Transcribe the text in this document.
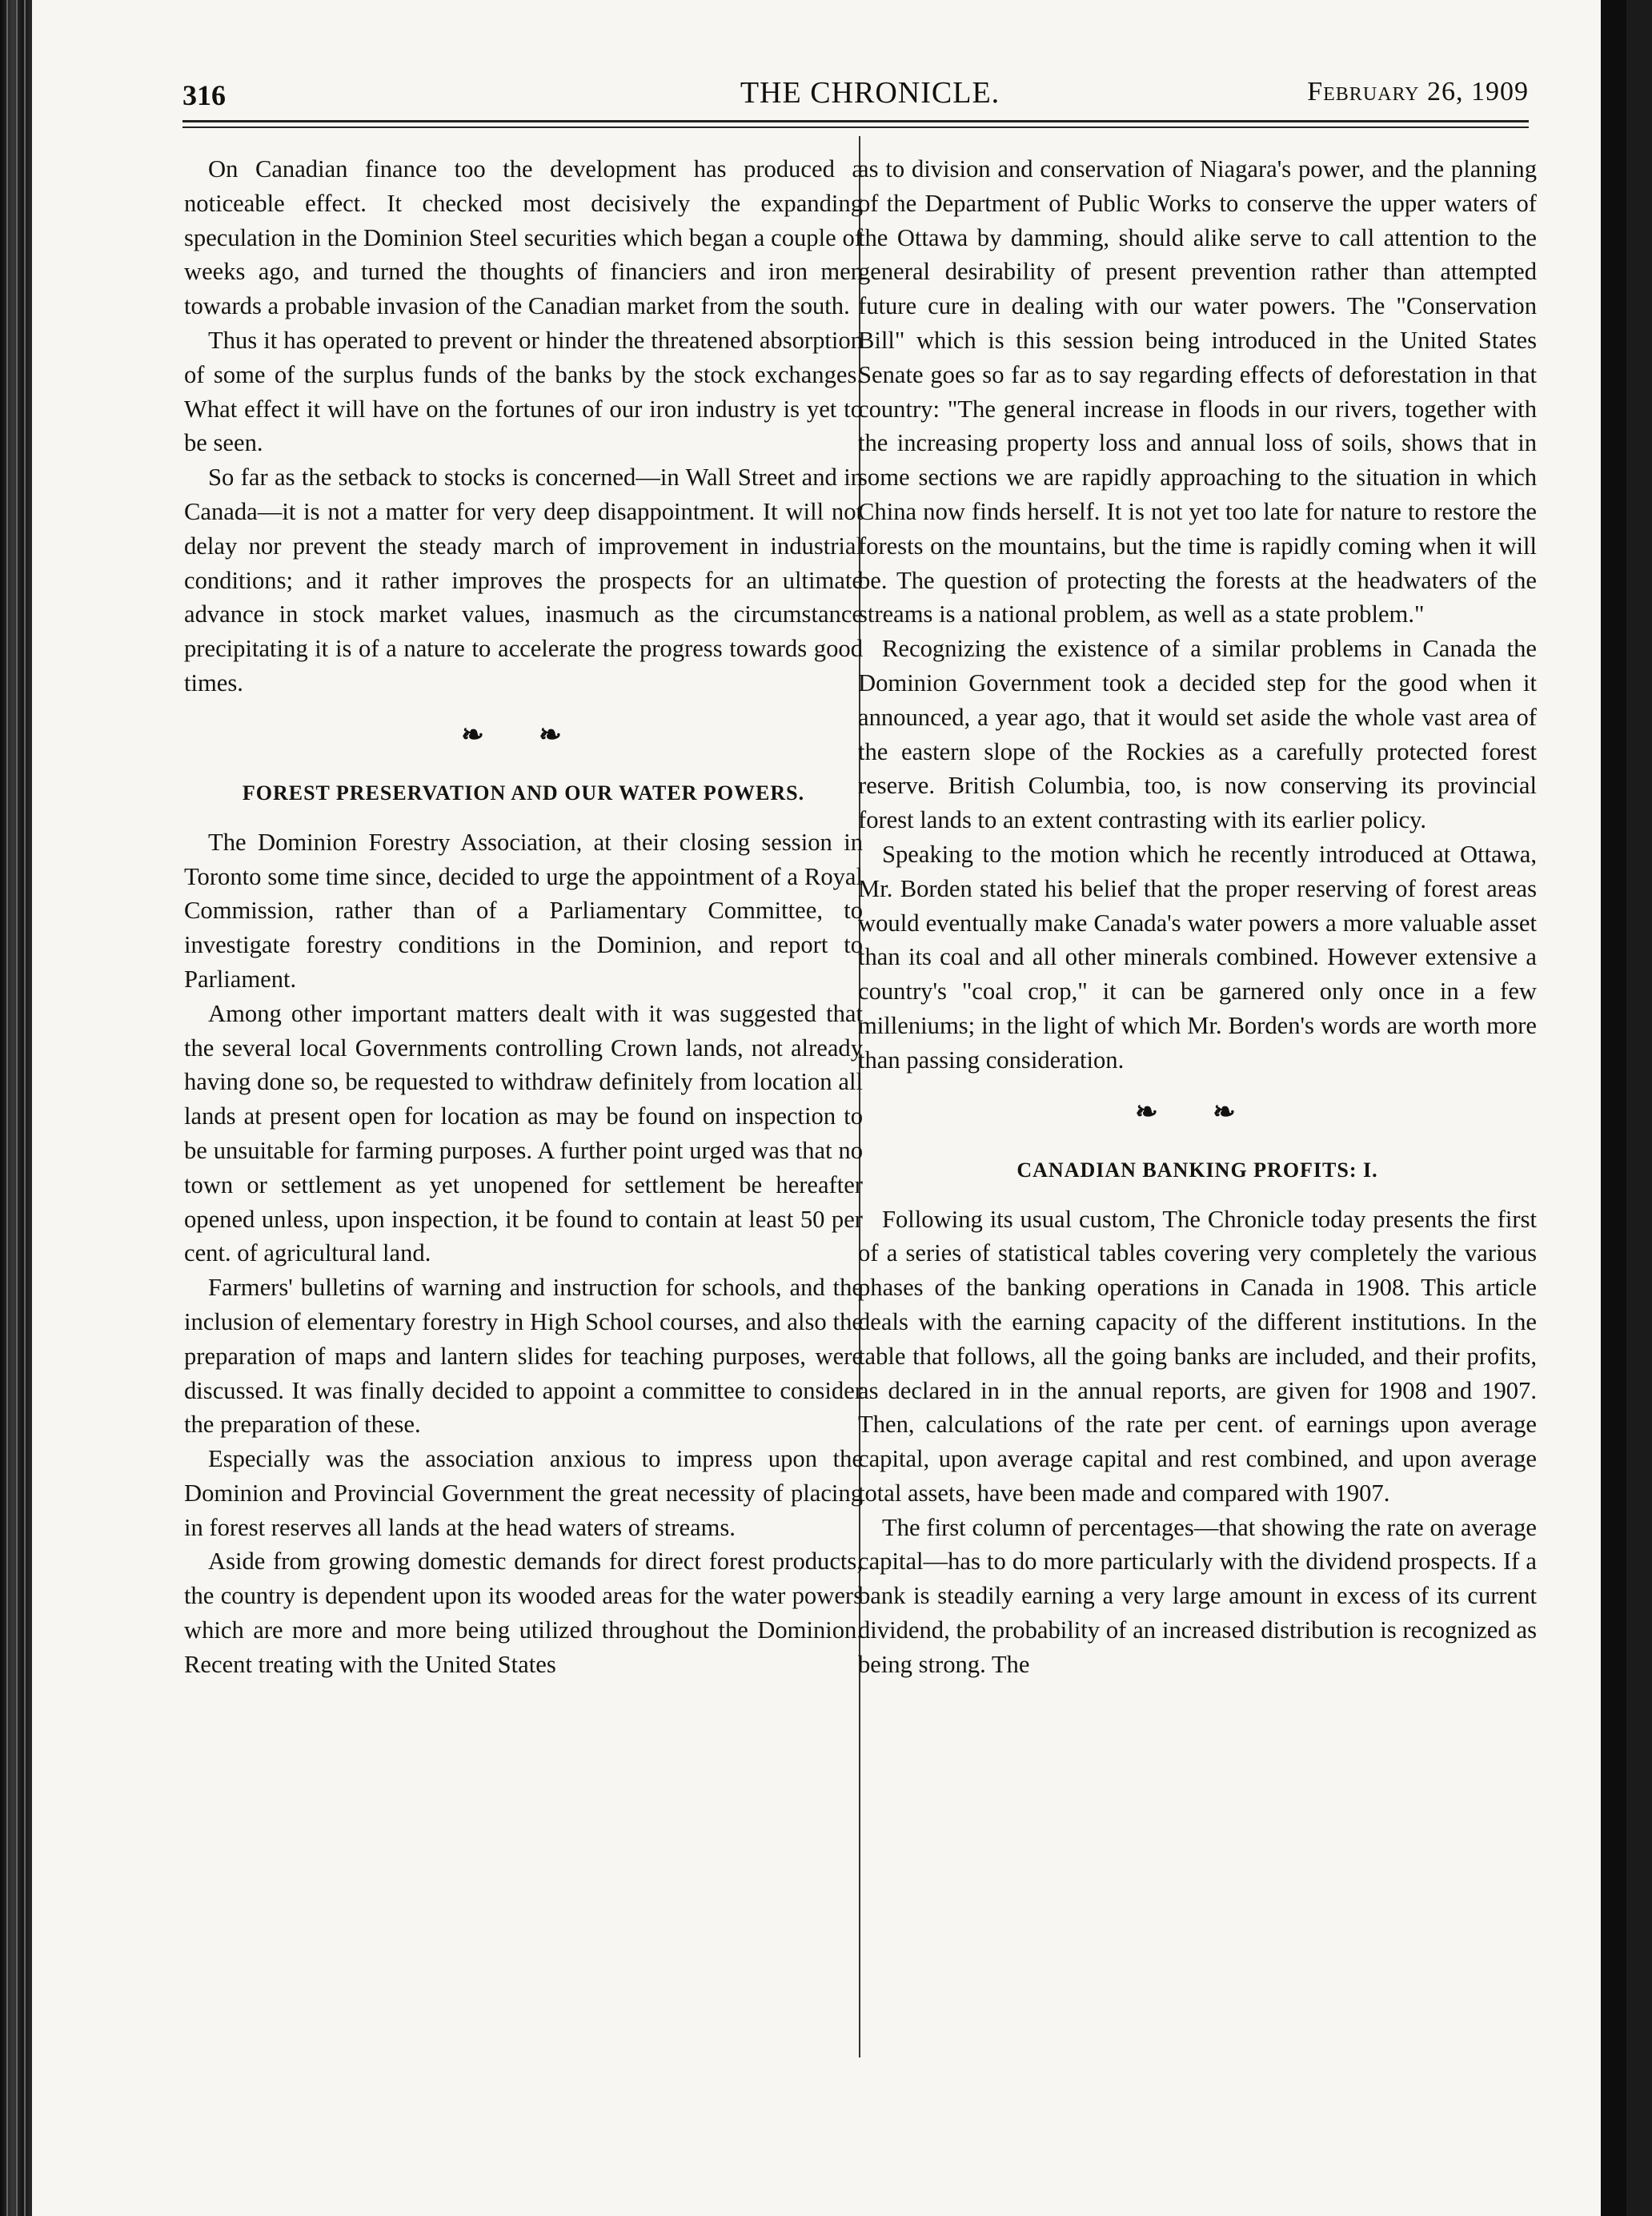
316	THE CHRONICLE.	February 26, 1909

On Canadian finance too the development has produced a noticeable effect. It checked most decisively the expanding speculation in the Dominion Steel securities which began a couple of weeks ago, and turned the thoughts of financiers and iron men towards a probable invasion of the Canadian market from the south.

Thus it has operated to prevent or hinder the threatened absorption of some of the surplus funds of the banks by the stock exchanges. What effect it will have on the fortunes of our iron industry is yet to be seen.

So far as the setback to stocks is concerned—in Wall Street and in Canada—it is not a matter for very deep disappointment. It will not delay nor prevent the steady march of improvement in industrial conditions; and it rather improves the prospects for an ultimate advance in stock market values, inasmuch as the circumstance precipitating it is of a nature to accelerate the progress towards good times.

❧ ❧
FOREST PRESERVATION AND OUR WATER POWERS.

The Dominion Forestry Association, at their closing session in Toronto some time since, decided to urge the appointment of a Royal Commission, rather than of a Parliamentary Committee, to investigate forestry conditions in the Dominion, and report to Parliament.

Among other important matters dealt with it was suggested that the several local Governments controlling Crown lands, not already having done so, be requested to withdraw definitely from location all lands at present open for location as may be found on inspection to be unsuitable for farming purposes. A further point urged was that no town or settlement as yet unopened for settlement be hereafter opened unless, upon inspection, it be found to contain at least 50 per cent. of agricultural land.

Farmers' bulletins of warning and instruction for schools, and the inclusion of elementary forestry in High School courses, and also the preparation of maps and lantern slides for teaching purposes, were discussed. It was finally decided to appoint a committee to consider the preparation of these.

Especially was the association anxious to impress upon the Dominion and Provincial Government the great necessity of placing in forest reserves all lands at the head waters of streams.

Aside from growing domestic demands for direct forest products, the country is dependent upon its wooded areas for the water powers which are more and more being utilized throughout the Dominion. Recent treating with the United States

as to division and conservation of Niagara's power, and the planning of the Department of Public Works to conserve the upper waters of the Ottawa by damming, should alike serve to call attention to the general desirability of present prevention rather than attempted future cure in dealing with our water powers. The "Conservation Bill" which is this session being introduced in the United States Senate goes so far as to say regarding effects of deforestation in that country: "The general increase in floods in our rivers, together with the increasing property loss and annual loss of soils, shows that in some sections we are rapidly approaching to the situation in which China now finds herself. It is not yet too late for nature to restore the forests on the mountains, but the time is rapidly coming when it will be. The question of protecting the forests at the headwaters of the streams is a national problem, as well as a state problem."

Recognizing the existence of a similar problems in Canada the Dominion Government took a decided step for the good when it announced, a year ago, that it would set aside the whole vast area of the eastern slope of the Rockies as a carefully protected forest reserve. British Columbia, too, is now conserving its provincial forest lands to an extent contrasting with its earlier policy.

Speaking to the motion which he recently introduced at Ottawa, Mr. Borden stated his belief that the proper reserving of forest areas would eventually make Canada's water powers a more valuable asset than its coal and all other minerals combined. However extensive a country's "coal crop," it can be garnered only once in a few milleniums; in the light of which Mr. Borden's words are worth more than passing consideration.

❧ ❧
CANADIAN BANKING PROFITS: I.

Following its usual custom, The Chronicle today presents the first of a series of statistical tables covering very completely the various phases of the banking operations in Canada in 1908. This article deals with the earning capacity of the different institutions. In the table that follows, all the going banks are included, and their profits, as declared in in the annual reports, are given for 1908 and 1907. Then, calculations of the rate per cent. of earnings upon average capital, upon average capital and rest combined, and upon average total assets, have been made and compared with 1907.

The first column of percentages—that showing the rate on average capital—has to do more particularly with the dividend prospects. If a bank is steadily earning a very large amount in excess of its current dividend, the probability of an increased distribution is recognized as being strong. The
